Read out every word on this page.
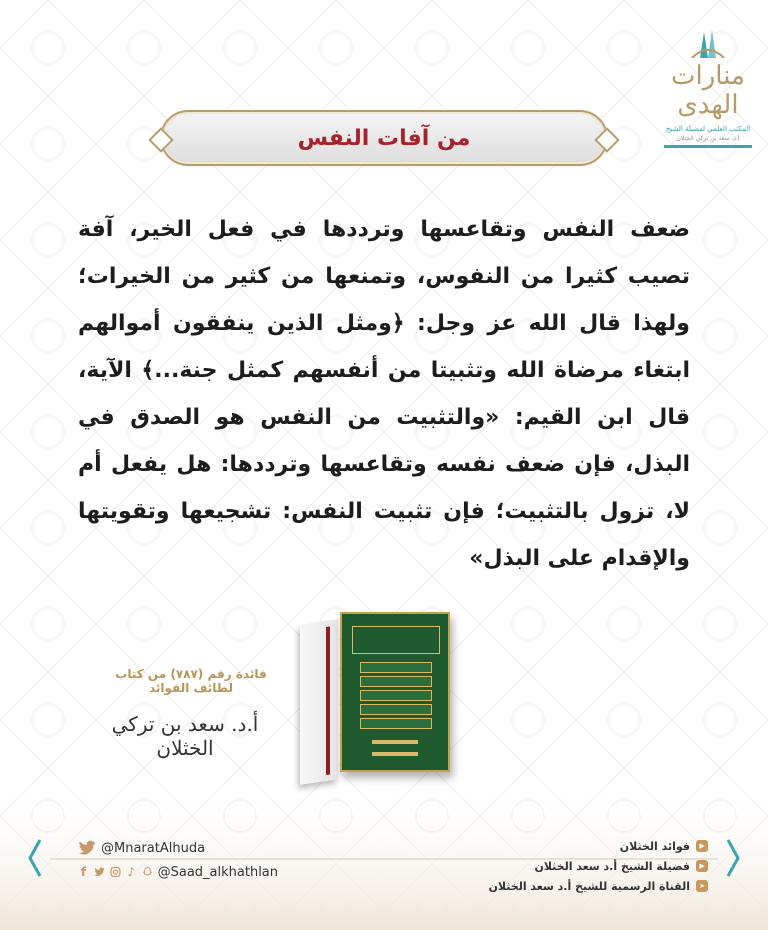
منارات الهدى
المكتب العلمي لفضيلة الشيخ
أ.د. سعد بن تركي الخثلان
من آفات النفس
ضعف النفس وتقاعسها وترددها في فعل الخير، آفة تصيب كثيرا من النفوس، وتمنعها من كثير من الخيرات؛ ولهذا قال الله عز وجل: ﴿ومثل الذين ينفقون أموالهم ابتغاء مرضاة الله وتثبيتا من أنفسهم كمثل جنة...﴾ الآية، قال ابن القيم: «والتثبيت من النفس هو الصدق في البذل، فإن ضعف نفسه وتقاعسها وترددها: هل يفعل أم لا، تزول بالتثبيت؛ فإن تثبيت النفس: تشجيعها وتقويتها والإقدام على البذل»
فائدة رقم (٧٨٧) من كتاب لطائف الفوائد
أ.د. سعد بن تركي الخثلان
@MnaratAlhuda
f	♪ @Saad_alkhathlan
▶
فوائد الخثلان
▶
فضيلة الشيخ أ.د سعد الخثلان
➤
القناة الرسمية للشيخ أ.د سعد الخثلان
